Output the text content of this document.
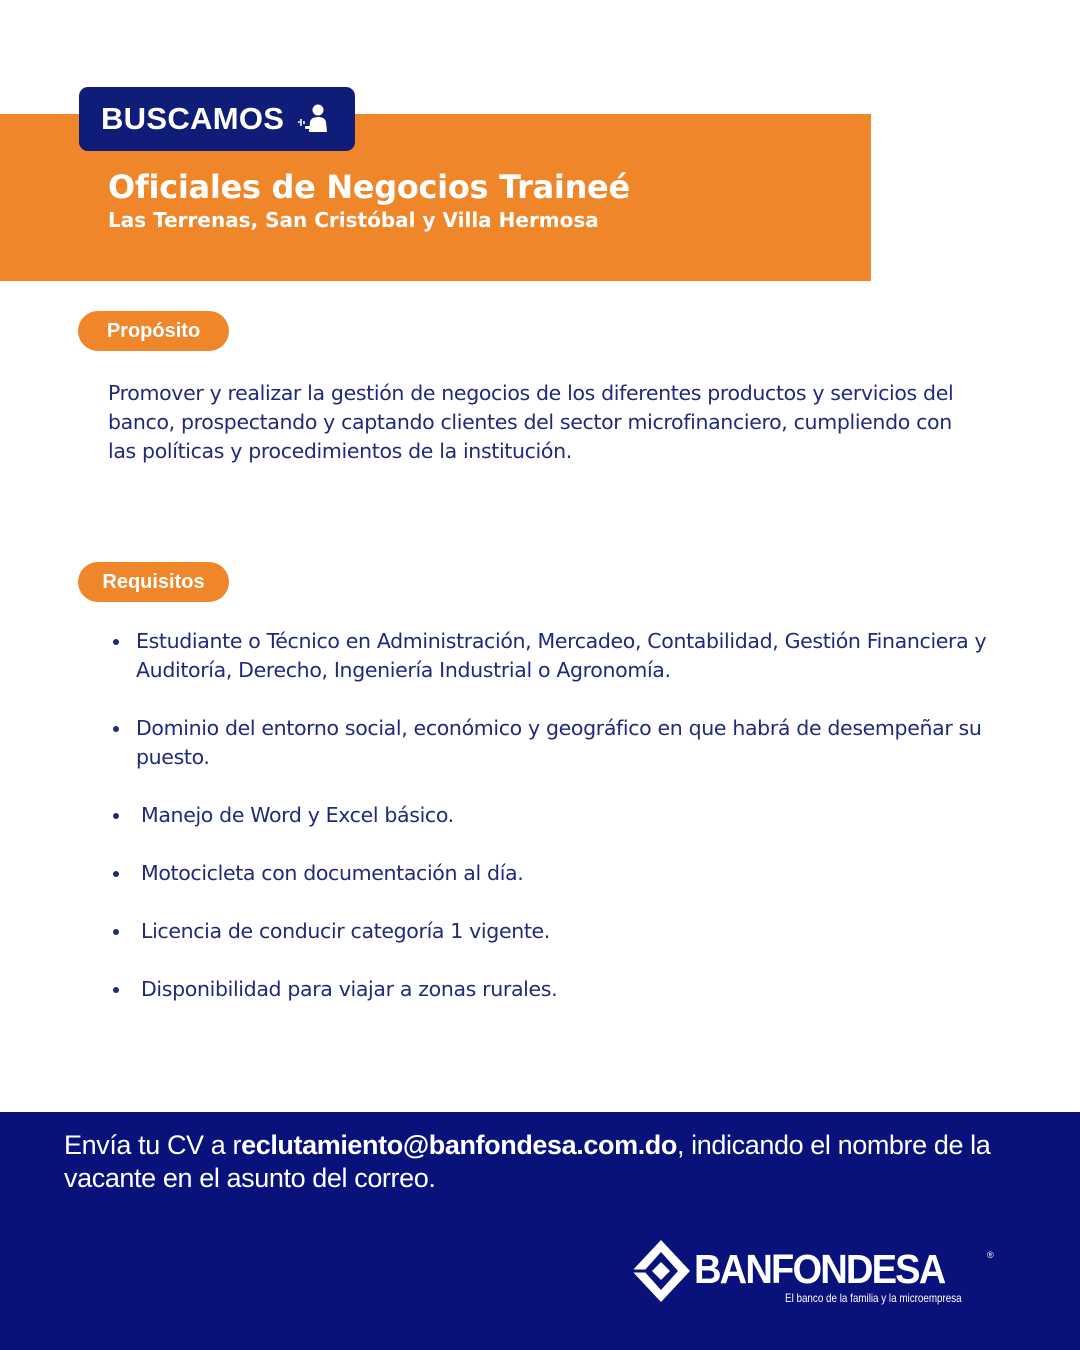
BUSCAMOS
Oficiales de Negocios Traineé
Las Terrenas, San Cristóbal y Villa Hermosa
Propósito
Promover y realizar la gestión de negocios de los diferentes productos y servicios del banco, prospectando y captando clientes del sector microfinanciero, cumpliendo con las políticas y procedimientos de la institución.
Requisitos
Estudiante o Técnico en Administración, Mercadeo, Contabilidad, Gestión Financiera y Auditoría, Derecho, Ingeniería Industrial o Agronomía.
Dominio del entorno social, económico y geográfico en que habrá de desempeñar su puesto.
Manejo de Word y Excel básico.
Motocicleta con documentación al día.
Licencia de conducir categoría 1 vigente.
Disponibilidad para viajar a zonas rurales.
Envía tu CV a reclutamiento@banfondesa.com.do, indicando el nombre de la vacante en el asunto del correo.
BANFONDESA	®
El banco de la familia y la microempresa
